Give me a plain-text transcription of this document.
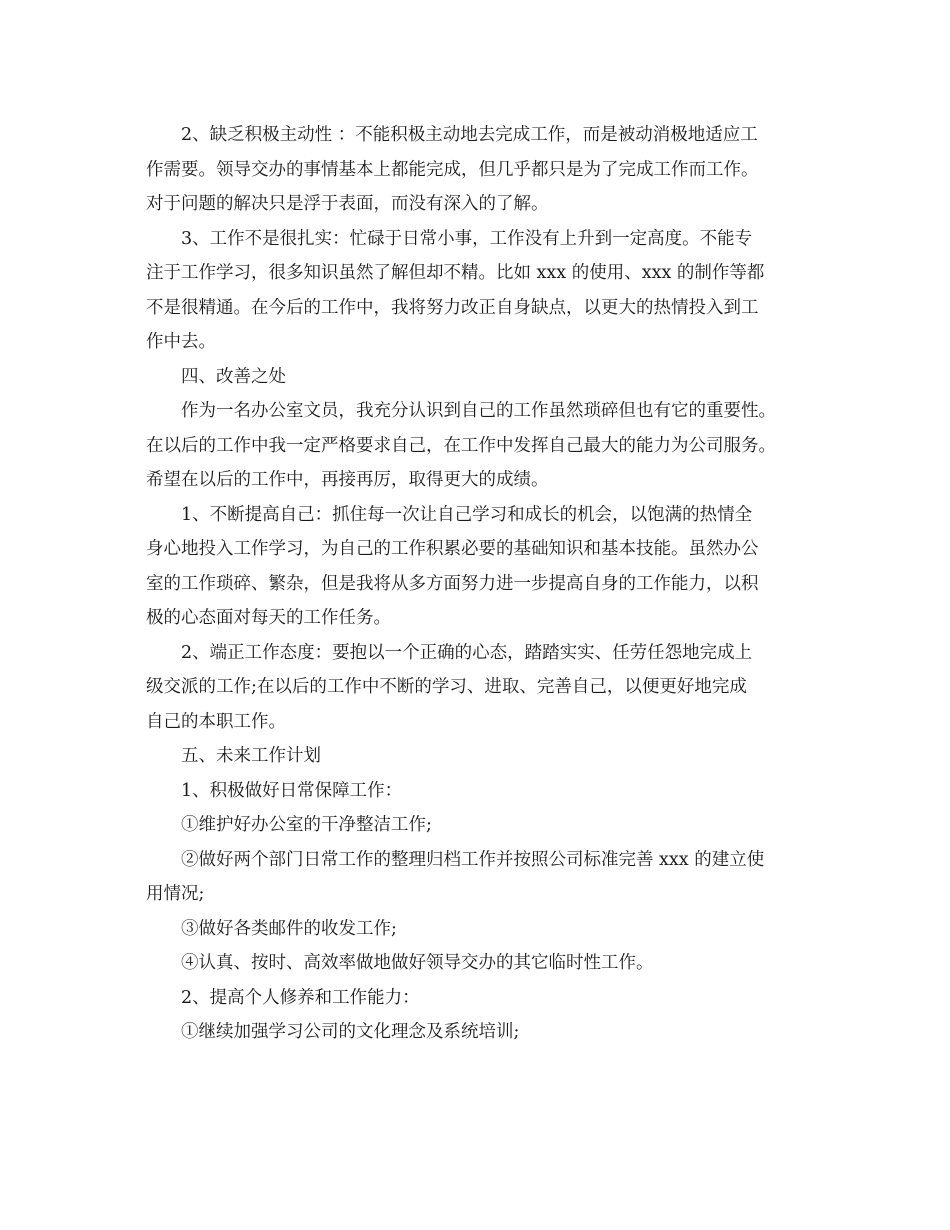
2、缺乏积极主动性 ：不能积极主动地去完成工作，而是被动消极地适应工

作需要。领导交办的事情基本上都能完成，但几乎都只是为了完成工作而工作。

对于问题的解决只是浮于表面，而没有深入的了解。

3、工作不是很扎实：忙碌于日常小事，工作没有上升到一定高度。不能专

注于工作学习，很多知识虽然了解但却不精。比如 xxx 的使用、xxx 的制作等都

不是很精通。在今后的工作中，我将努力改正自身缺点，以更大的热情投入到工

作中去。

四、改善之处

作为一名办公室文员，我充分认识到自己的工作虽然琐碎但也有它的重要性。

在以后的工作中我一定严格要求自己，在工作中发挥自己最大的能力为公司服务。

希望在以后的工作中，再接再厉，取得更大的成绩。

1、不断提高自己：抓住每一次让自己学习和成长的机会，以饱满的热情全

身心地投入工作学习，为自己的工作积累必要的基础知识和基本技能。虽然办公

室的工作琐碎、繁杂，但是我将从多方面努力进一步提高自身的工作能力，以积

极的心态面对每天的工作任务。

2、端正工作态度：要抱以一个正确的心态，踏踏实实、任劳任怨地完成上

级交派的工作;在以后的工作中不断的学习、进取、完善自己，以便更好地完成

自己的本职工作。

五、未来工作计划

1、积极做好日常保障工作：

①维护好办公室的干净整洁工作;

②做好两个部门日常工作的整理归档工作并按照公司标准完善 xxx 的建立使

用情况;

③做好各类邮件的收发工作;

④认真、按时、高效率做地做好领导交办的其它临时性工作。

2、提高个人修养和工作能力：

①继续加强学习公司的文化理念及系统培训;
